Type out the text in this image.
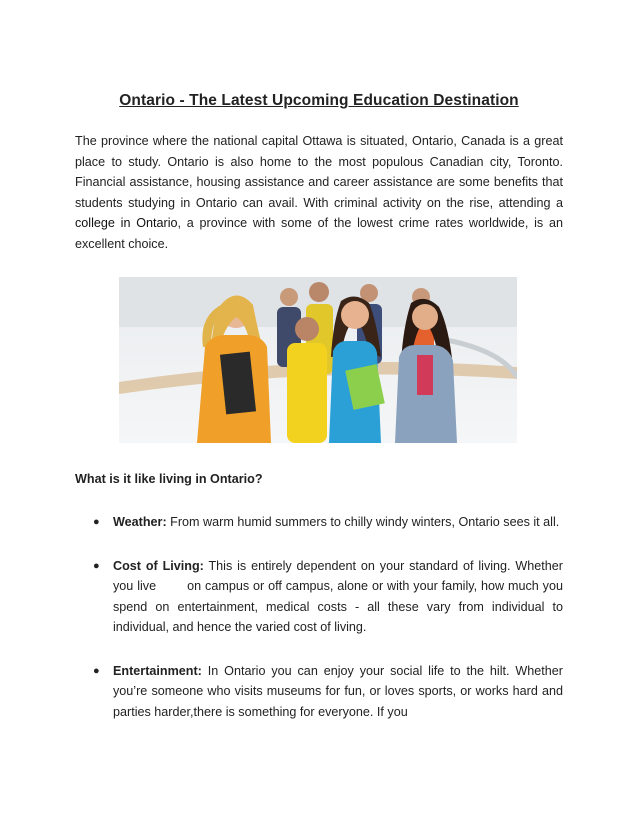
Ontario - The Latest Upcoming Education Destination

The province where the national capital Ottawa is situated, Ontario, Canada is a great place to study. Ontario is also home to the most populous Canadian city, Toronto. Financial assistance, housing assistance and career assistance are some benefits that students studying in Ontario can avail. With criminal activity on the rise, attending a college in Ontario, a province with some of the lowest crime rates worldwide, is an excellent choice.

What is it like living in Ontario?
● Weather: From warm humid summers to chilly windy winters, Ontario sees it all.
● Cost of Living: This is entirely dependent on your standard of living. Whether you live        on campus or off campus, alone or with your family, how much you spend on entertainment, medical costs - all these vary from individual to individual, and hence the varied cost of living.
● Entertainment: In Ontario you can enjoy your social life to the hilt. Whether you’re someone who visits museums for fun, or loves sports, or works hard and parties harder,there is something for everyone. If you
